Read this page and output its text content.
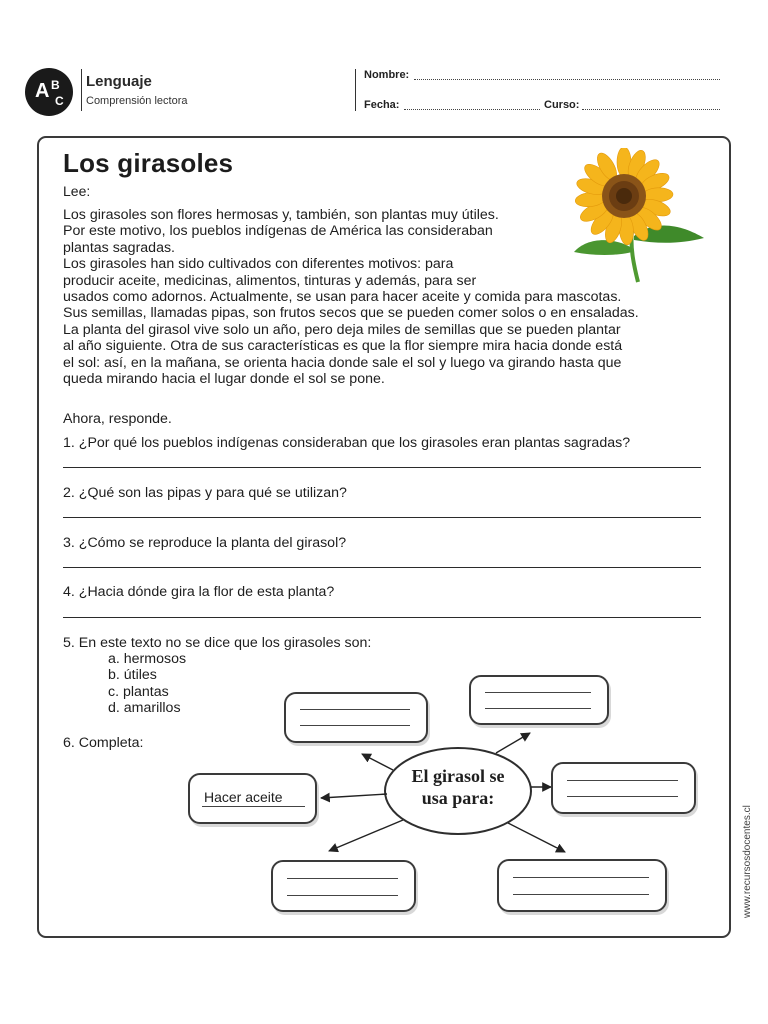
A B
C
Lenguaje
Comprensión lectora
Nombre:
Fecha:	Curso:
Los girasoles
Lee:

Los girasoles son flores hermosas y, también, son plantas muy útiles.

Por este motivo, los pueblos indígenas de América las consideraban

plantas sagradas.

Los girasoles han sido cultivados con diferentes motivos: para

producir aceite, medicinas, alimentos, tinturas y además, para ser

usados como adornos. Actualmente, se usan para hacer aceite y comida para mascotas.

Sus semillas, llamadas pipas, son frutos secos que se pueden comer solos o en ensaladas.

La planta del girasol vive solo un año, pero deja miles de semillas que se pueden plantar

al año siguiente. Otra de sus características es que la flor siempre mira hacia donde está

el sol: así, en la mañana, se orienta hacia donde sale el sol y luego va girando hasta que

queda mirando hacia el lugar donde el sol se pone.

Ahora, responde.
1. ¿Por qué los pueblos indígenas consideraban que los girasoles eran plantas sagradas?
2. ¿Qué son las pipas y para qué se utilizan?
3. ¿Cómo se reproduce la planta del girasol?
4. ¿Hacia dónde gira la flor de esta planta?
5. En este texto no se dice que los girasoles son:
a. hermosos
b. útiles
c. plantas
d. amarillos
6. Completa:
El girasol se
usa para:
Hacer aceite
www.recursosdocentes.cl
